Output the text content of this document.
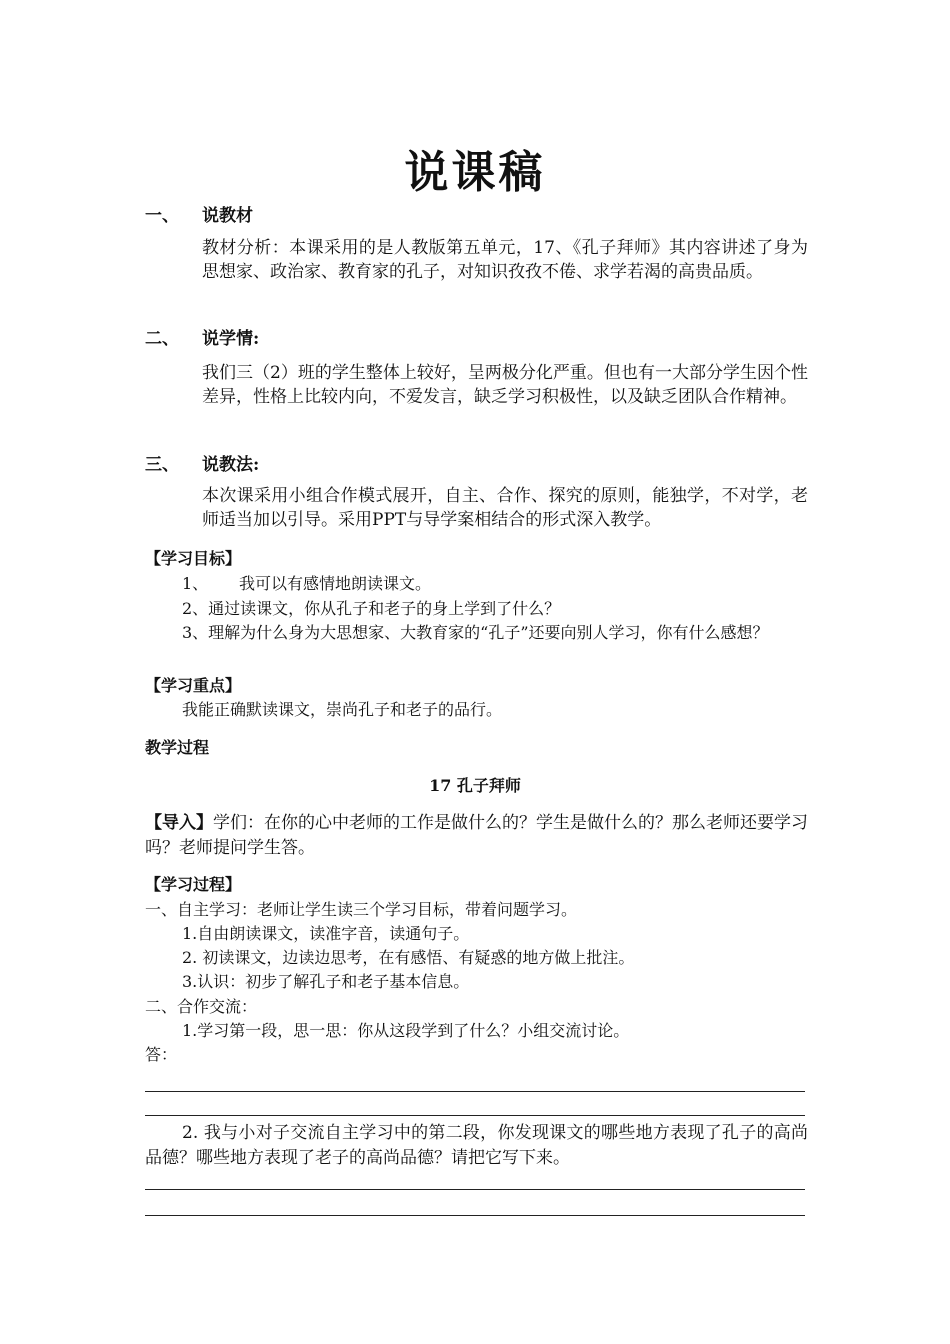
说课稿
一、 说教材
教材分析：本课采用的是人教版第五单元，17、《孔子拜师》其内容讲述了身为思想家、政治家、教育家的孔子，对知识孜孜不倦、求学若渴的高贵品质。
二、 说学情:
我们三（2）班的学生整体上较好，呈两极分化严重。但也有一大部分学生因个性差异，性格上比较内向，不爱发言，缺乏学习积极性，以及缺乏团队合作精神。
三、 说教法:
本次课采用小组合作模式展开，自主、合作、探究的原则，能独学，不对学，老师适当加以引导。采用PPT与导学案相结合的形式深入教学。
【学习目标】
1、 我可以有感情地朗读课文。
2、通过读课文，你从孔子和老子的身上学到了什么？
3、理解为什么身为大思想家、大教育家的“孔子”还要向别人学习，你有什么感想？
【学习重点】
我能正确默读课文，崇尚孔子和老子的品行。
教学过程
17 孔子拜师
【导入】学们：在你的心中老师的工作是做什么的？学生是做什么的？那么老师还要学习吗？老师提问学生答。
【学习过程】
一、自主学习：老师让学生读三个学习目标，带着问题学习。
1.自由朗读课文，读准字音，读通句子。
2. 初读课文，边读边思考，在有感悟、有疑惑的地方做上批注。
3.认识：初步了解孔子和老子基本信息。
二、合作交流：
1.学习第一段，思一思：你从这段学到了什么？小组交流讨论。
答：
2. 我与小对子交流自主学习中的第二段，你发现课文的哪些地方表现了孔子的高尚品德？哪些地方表现了老子的高尚品德？请把它写下来。
